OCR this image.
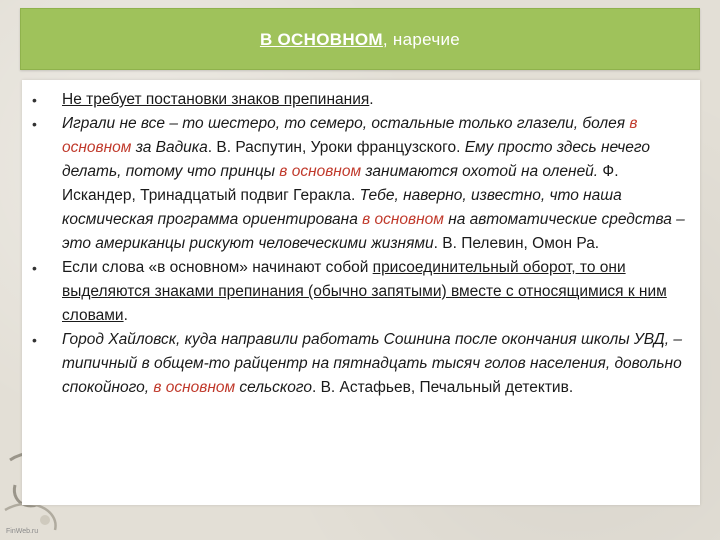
В ОСНОВНОМ, наречие
•	Не требует постановки знаков препинания.
•	Играли не все – то шестеро, то семеро, остальные только глазели, болея в основном за Вадика. В. Распутин, Уроки французского. Ему просто здесь нечего делать, потому что принцы в основном занимаются охотой на оленей. Ф. Искандер, Тринадцатый подвиг Геракла. Тебе, наверно, известно, что наша космическая программа ориентирована в основном на автоматические средства – это американцы рискуют человеческими жизнями. В. Пелевин, Омон Ра.
•	Если слова «в основном» начинают собой присоединительный оборот, то они выделяются знаками препинания (обычно запятыми) вместе с относящимися к ним словами.
•	Город Хайловск, куда направили работать Сошнина после окончания школы УВД, – типичный в общем-то райцентр на пятнадцать тысяч голов населения, довольно спокойного, в основном сельского. В. Астафьев, Печальный детектив.
FinWeb.ru
